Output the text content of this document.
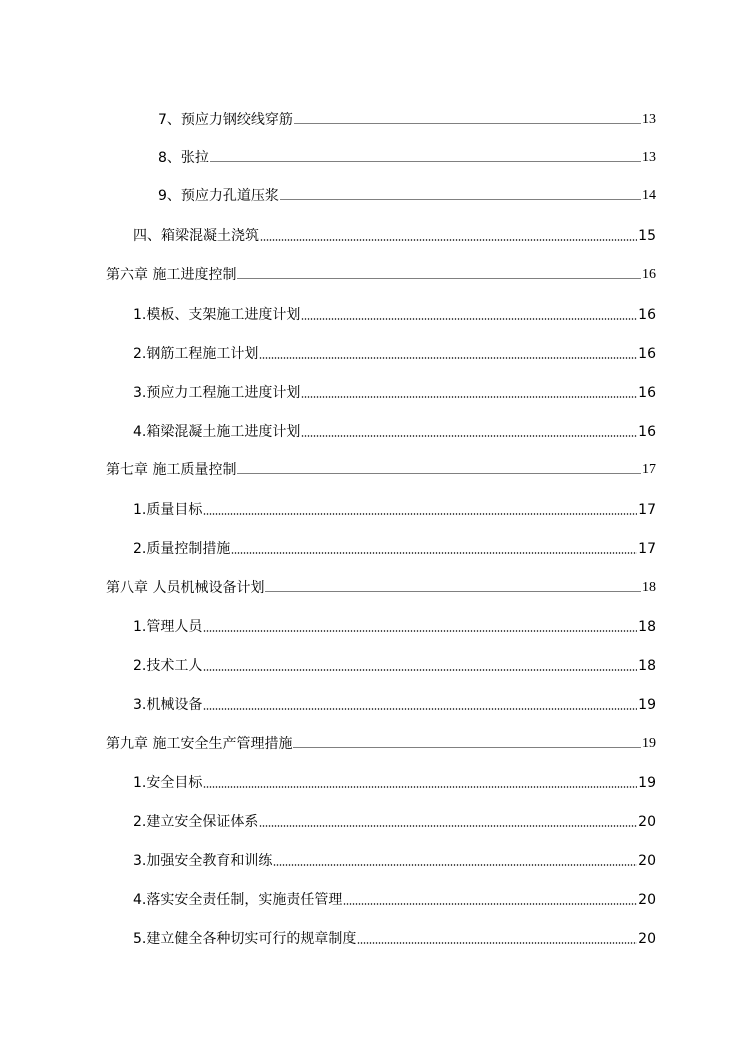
7、预应力钢绞线穿筋	13
8、张拉	13
9、预应力孔道压浆	14
四、箱梁混凝土浇筑	15
第六章 施工进度控制	16
1.模板、支架施工进度计划	16
2.钢筋工程施工计划	16
3.预应力工程施工进度计划	16
4.箱梁混凝土施工进度计划	16
第七章 施工质量控制	17
1.质量目标	17
2.质量控制措施	17
第八章 人员机械设备计划	18
1.管理人员	18
2.技术工人	18
3.机械设备	19
第九章 施工安全生产管理措施	19
1.安全目标	19
2.建立安全保证体系	20
3.加强安全教育和训练	20
4.落实安全责任制，实施责任管理	20
5.建立健全各种切实可行的规章制度	20
